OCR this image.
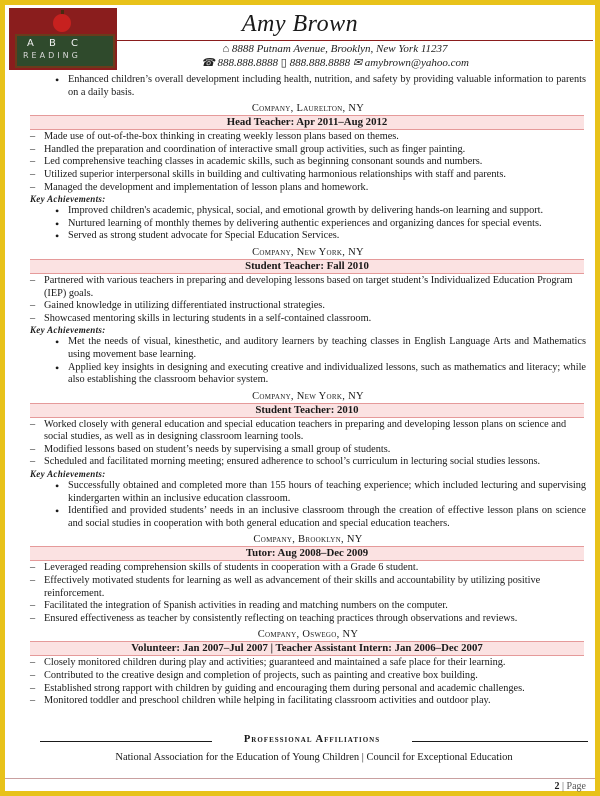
A B C
READING
Amy Brown
⌂ 8888 Putnam Avenue, Brooklyn, New York 11237
☎ 888.888.8888 ▯ 888.888.8888 ✉ amybrown@yahoo.com
• Enhanced children’s overall development including health, nutrition, and safety by providing valuable information to parents on a daily basis.
Company, Laurelton, NY
Head Teacher: Apr 2011–Aug 2012
– Made use of out-of-the-box thinking in creating weekly lesson plans based on themes.
– Handled the preparation and coordination of interactive small group activities, such as finger painting.
– Led comprehensive teaching classes in academic skills, such as beginning consonant sounds and numbers.
– Utilized superior interpersonal skills in building and cultivating harmonious relationships with staff and parents.
– Managed the development and implementation of lesson plans and homework.
Key Achievements:
• Improved children's academic, physical, social, and emotional growth by delivering hands-on learning and support.
• Nurtured learning of monthly themes by delivering authentic experiences and organizing dances for special events.
• Served as strong student advocate for Special Education Services.
Company, New York, NY
Student Teacher: Fall 2010
– Partnered with various teachers in preparing and developing lessons based on target student’s Individualized Education Program (IEP) goals.
– Gained knowledge in utilizing differentiated instructional strategies.
– Showcased mentoring skills in lecturing students in a self-contained classroom.
Key Achievements:
• Met the needs of visual, kinesthetic, and auditory learners by teaching classes in English Language Arts and Mathematics using movement base learning.
• Applied key insights in designing and executing creative and individualized lessons, such as mathematics and literacy; while also establishing the classroom behavior system.
Company, New York, NY
Student Teacher: 2010
– Worked closely with general education and special education teachers in preparing and developing lesson plans on science and social studies, as well as in designing classroom learning tools.
– Modified lessons based on student’s needs by supervising a small group of students.
– Scheduled and facilitated morning meeting; ensured adherence to school’s curriculum in lecturing social studies lessons.
Key Achievements:
• Successfully obtained and completed more than 155 hours of teaching experience; which included lecturing and supervising kindergarten within an inclusive education classroom.
• Identified and provided students’ needs in an inclusive classroom through the creation of effective lesson plans on science and social studies in cooperation with both general education and special education teachers.
Company, Brooklyn, NY
Tutor: Aug 2008–Dec 2009
– Leveraged reading comprehension skills of students in cooperation with a Grade 6 student.
– Effectively motivated students for learning as well as advancement of their skills and accountability by utilizing positive reinforcement.
– Facilitated the integration of Spanish activities in reading and matching numbers on the computer.
– Ensured effectiveness as teacher by consistently reflecting on teaching practices through observations and reviews.
Company, Oswego, NY
Volunteer: Jan 2007–Jul 2007 | Teacher Assistant Intern: Jan 2006–Dec 2007
– Closely monitored children during play and activities; guaranteed and maintained a safe place for their learning.
– Contributed to the creative design and completion of projects, such as painting and creative box building.
– Established strong rapport with children by guiding and encouraging them during personal and academic challenges.
– Monitored toddler and preschool children while helping in facilitating classroom activities and outdoor play.
Professional Affiliations
National Association for the Education of Young Children | Council for Exceptional Education
2 | Page
